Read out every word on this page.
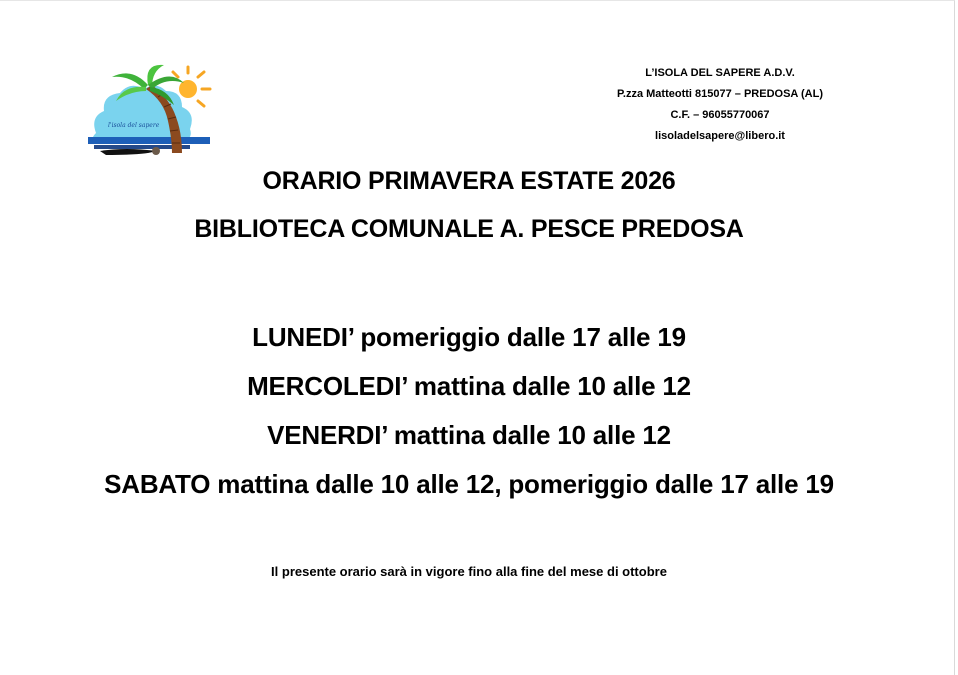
l'isola del sapere
L’ISOLA DEL SAPERE A.D.V.
P.zza Matteotti 815077 – PREDOSA (AL)
C.F. – 96055770067
lisoladelsapere@libero.it
ORARIO PRIMAVERA ESTATE 2026
BIBLIOTECA COMUNALE A. PESCE PREDOSA
LUNEDI’ pomeriggio dalle 17 alle 19
MERCOLEDI’ mattina dalle 10 alle 12
VENERDI’ mattina dalle 10 alle 12
SABATO mattina dalle 10 alle 12, pomeriggio dalle 17 alle 19
Il presente orario sarà in vigore fino alla fine del mese di ottobre
